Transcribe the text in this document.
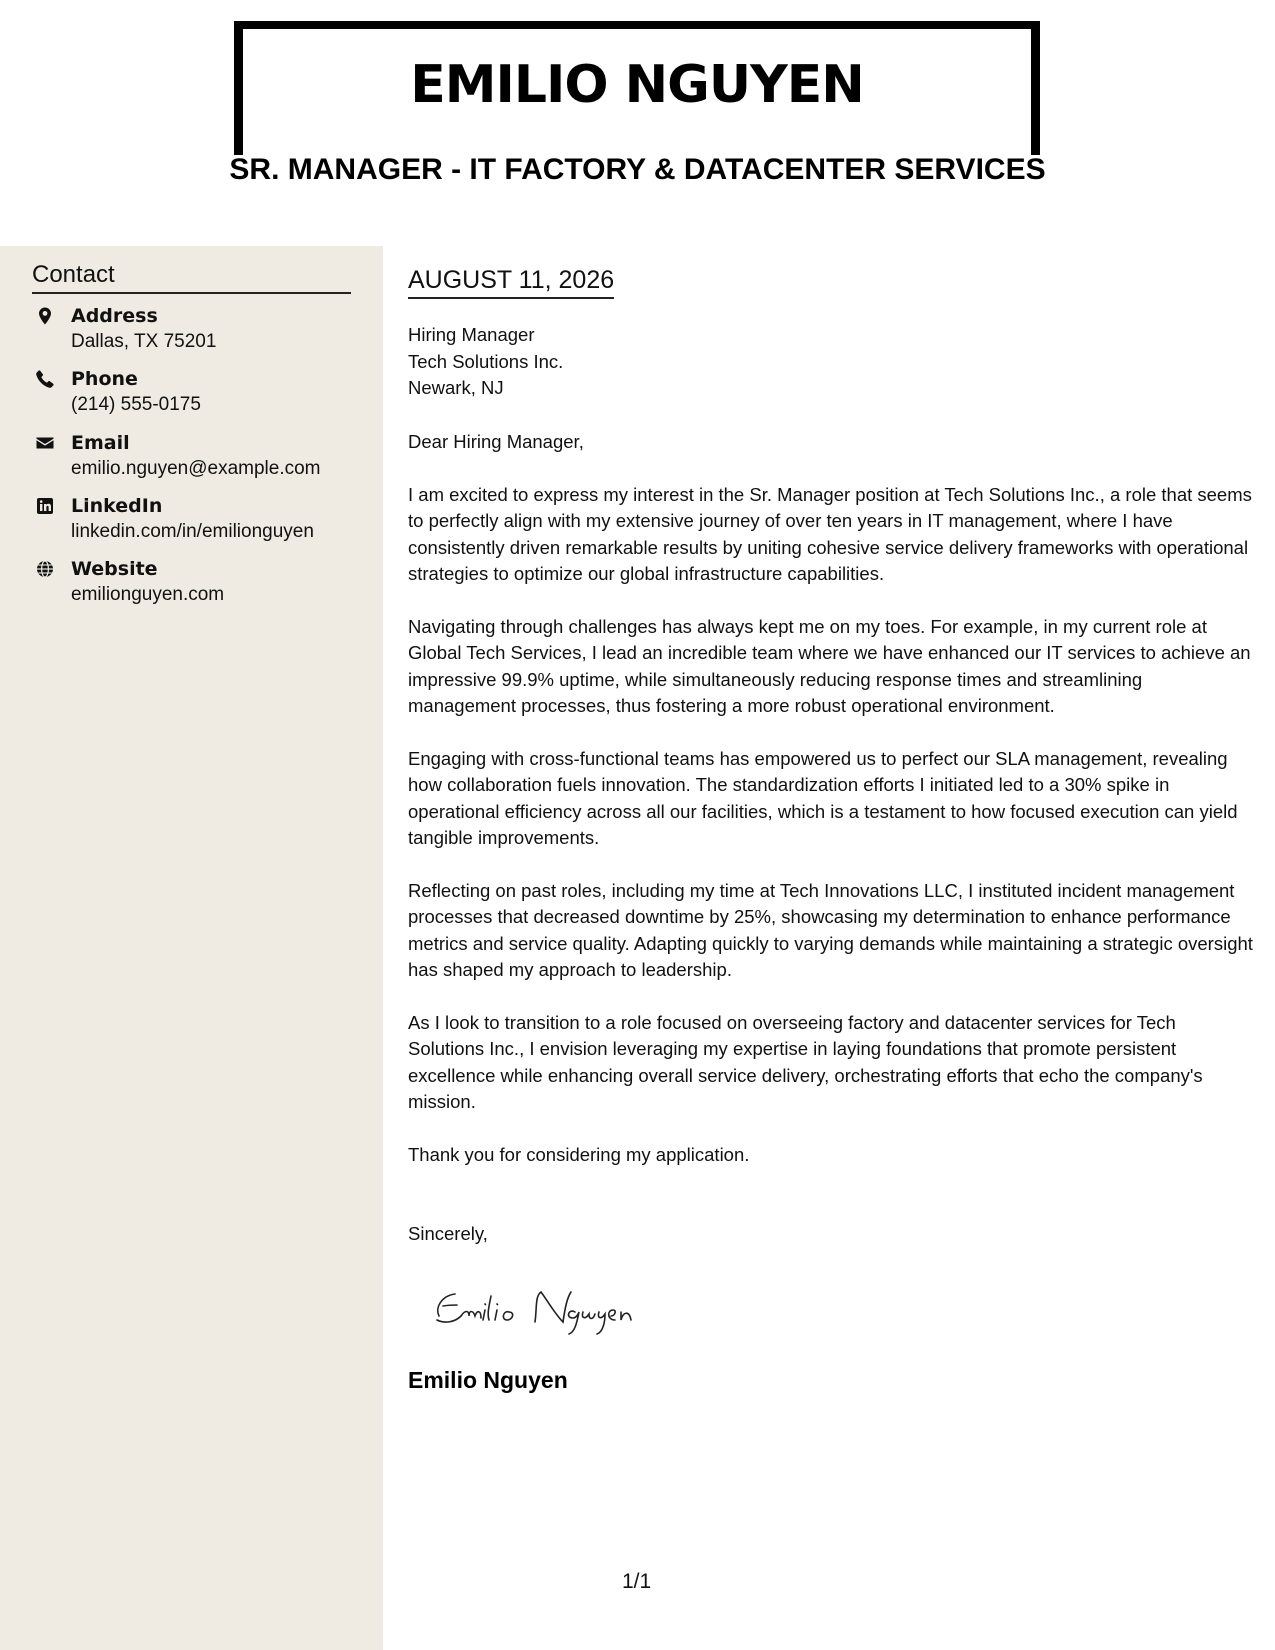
EMILIO NGUYEN
SR. MANAGER - IT FACTORY & DATACENTER SERVICES
Contact
Address
Dallas, TX 75201
Phone
(214) 555-0175
Email
emilio.nguyen@example.com
LinkedIn
linkedin.com/in/emilionguyen
Website
emilionguyen.com
AUGUST 11, 2026
Hiring Manager
Tech Solutions Inc.
Newark, NJ

Dear Hiring Manager,

I am excited to express my interest in the Sr. Manager position at Tech Solutions Inc., a role that seems to perfectly align with my extensive journey of over ten years in IT management, where I have consistently driven remarkable results by uniting cohesive service delivery frameworks with operational strategies to optimize our global infrastructure capabilities.

Navigating through challenges has always kept me on my toes. For example, in my current role at Global Tech Services, I lead an incredible team where we have enhanced our IT services to achieve an impressive 99.9% uptime, while simultaneously reducing response times and streamlining management processes, thus fostering a more robust operational environment.

Engaging with cross-functional teams has empowered us to perfect our SLA management, revealing how collaboration fuels innovation. The standardization efforts I initiated led to a 30% spike in operational efficiency across all our facilities, which is a testament to how focused execution can yield tangible improvements.

Reflecting on past roles, including my time at Tech Innovations LLC, I instituted incident management processes that decreased downtime by 25%, showcasing my determination to enhance performance metrics and service quality. Adapting quickly to varying demands while maintaining a strategic oversight has shaped my approach to leadership.

As I look to transition to a role focused on overseeing factory and datacenter services for Tech Solutions Inc., I envision leveraging my expertise in laying foundations that promote persistent excellence while enhancing overall service delivery, orchestrating efforts that echo the company's mission.

Thank you for considering my application.

Sincerely,
Emilio Nguyen
1/1
